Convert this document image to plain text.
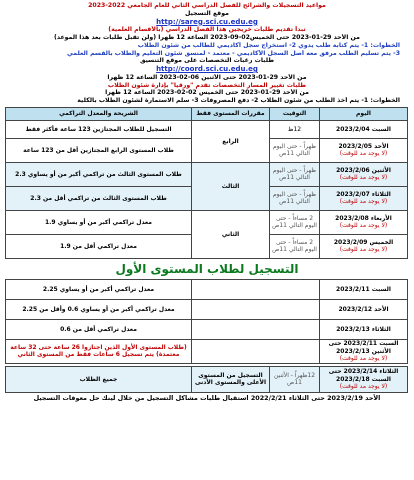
مواعيد التسجيلات والشرائح للفصل الدراسي الثاني للعام الجامعي 2022-2023

موقع التسجيل

http://sareg.sci.cu.edu.eg

تبدأ تقديم طلبات خريجين هذا الفصل الدراسي (بالأقسام العلمية)

من الأحد 29-01-2023 حتى الخميس02-09-2023 الساعة 12 ظهراً (ولن تقبل طلبات بعد هذا الموعد)

الخطوات: 1- يتم كتابة طلب يدوي 2- استخراج سجل أكاديمي للطالب من شئون الطلاب

3- يتم تسليم الطلب مرفق معه أصل السجل الأكاديمي - معتمد - لمنسق شئون التعليم والطلاب بالقسم العلمي

طلبات رغبات التخصصات على موقع التنسيق

http://coord.sci.cu.edu.eg

من الأحد 29-01-2023 حتى الأثنين 06-02-2023 الساعة 12 ظهراً

طلبات تغيير المسار التخصصات تقدم "ورقياً" بإدارة شئون الطلاب

من الأحد 29-01-2023 حتى الخميس 02-02-2023 الساعة 12 ظهراً

الخطوات: 1- يتم أخذ الطلب من شئون الطلاب 2- دفع المصروفات 3- سلم الاستمارة لشئون الطلاب بالكلية

اليوم	التوقيت	مقررات المستوى فقط	الشريحة والمعدل التراكمي
السبت 2023/2/04	12ظ	الرابع	التسجيل للطلاب المجتازين 123 ساعة فأكثر فقط

الأحد 2023/2/05
(لا يوجد مد للوقت)	ظهراً - حتى اليوم التالي 11ص		طلاب المستوى الرابع المجتازين أقل من 123 ساعة

الأثنين 2023/2/06
(لا يوجد مد للوقت)	ظهراً - حتى اليوم التالي 11ص	الثالث	طلاب المستوى الثالث من تراكمي أكبر من أو يساوي 2.3

الثلاثاء 2023/2/07
(لا يوجد مد للوقت)	ظهراً - حتى اليوم التالي 11ص		طلاب المستوى الثالث من تراكمي أقل من 2.3

الأربعاء 2023/2/08
(لا يوجد مد للوقت)	2 مساءاً - حتى اليوم التالي 11ص	الثاني	معدل تراكمي أكبر من أو يساوي 1.9

الخميس 2023/2/09
(لا يوجد مد للوقت)	2 مساءاً - حتى اليوم التالي 11ص		معدل تراكمي أقل من 1.9
التسجيل لطلاب المستوى الأول
السبت 2023/2/11		معدل تراكمي أكبر من أو يساوي 2.25
الأحد 2023/2/12		معدل تراكمي أكبر من أو يساوي 0.6 وأقل من 2.25
الثلاثاء 2023/2/13		معدل تراكمي أقل من 0.6

السبت 2023/2/11 حتى الأثنين 2023/2/13
(لا يوجد مد للوقت)		(طلاب المستوى الأول الذين اجتازوا 26 ساعة حتى 32 ساعة معتمدة) يتم تسجيل 6 ساعات فقط من المستوى الثاني
الثلاثاء 2023/2/14 حتى السبت 2023/2/18
(لا يوجد مد للوقت)
	12ظهراً - الأثنين 11ص	التسجيل من المستوى الأعلى والمستوى الأدنى	جميع الطلاب
الأحد 2023/2/19 حتى الثلاثاء 2022/2/21 استقبال طلبات مشاكل التسجيل من خلال لينك حل معوقات التسجيل
